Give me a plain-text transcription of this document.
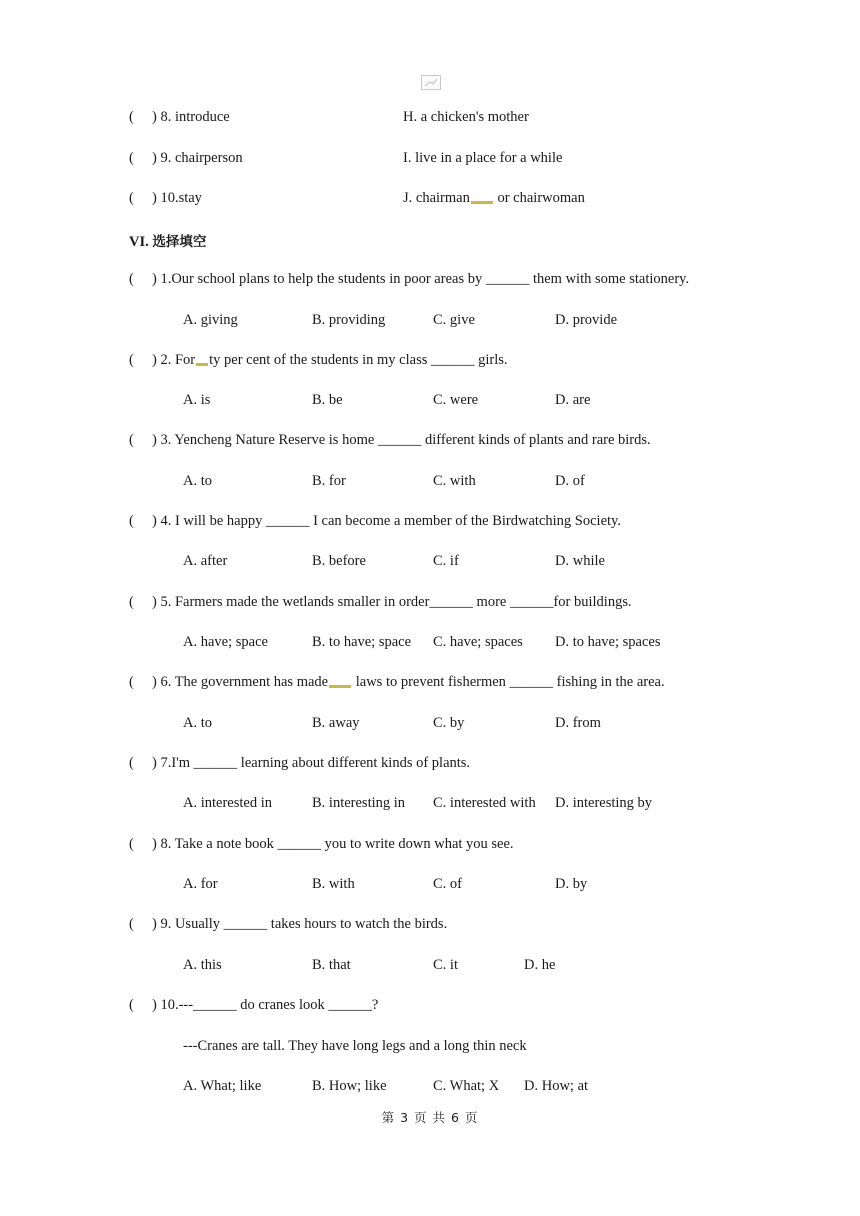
( ) 8. introduce	H. a chicken's mother
( ) 9. chairperson	I. live in a place for a while
( ) 10.stay	J. chairman or chairwoman
VI. 选择填空
( ) 1.Our school plans to help the students in poor areas by ______ them with some stationery.
A. giving	B. providing	C. give	D. provide
( ) 2. For ty per cent of the students in my class ______ girls.
A. is	B. be	C. were	D. are
( ) 3. Yencheng Nature Reserve is home ______ different kinds of plants and rare birds.
A. to	B. for	C. with	D. of
( ) 4. I will be happy ______ I can become a member of the Birdwatching Society.
A. after	B. before	C. if	D. while
( ) 5. Farmers made the wetlands smaller in order______ more ______for buildings.
A. have; space	B. to have; space C. have; spaces D. to have; spaces
( ) 6. The government has made laws to prevent fishermen ______ fishing in the area.
A. to	B. away	C. by	D. from
( ) 7.I'm ______ learning about different kinds of plants.
A. interested in	B. interesting in C. interested with D. interesting by
( ) 8. Take a note book ______ you to write down what you see.
A. for	B. with	C. of	D. by
( ) 9. Usually ______ takes hours to watch the birds.
A. this	B. that	C. it	D. he
( ) 10.---______ do cranes look ______?
---Cranes are tall. They have long legs and a long thin neck
A. What; like	B. How; like	C. What; X D. How; at
第 3 页 共 6 页
